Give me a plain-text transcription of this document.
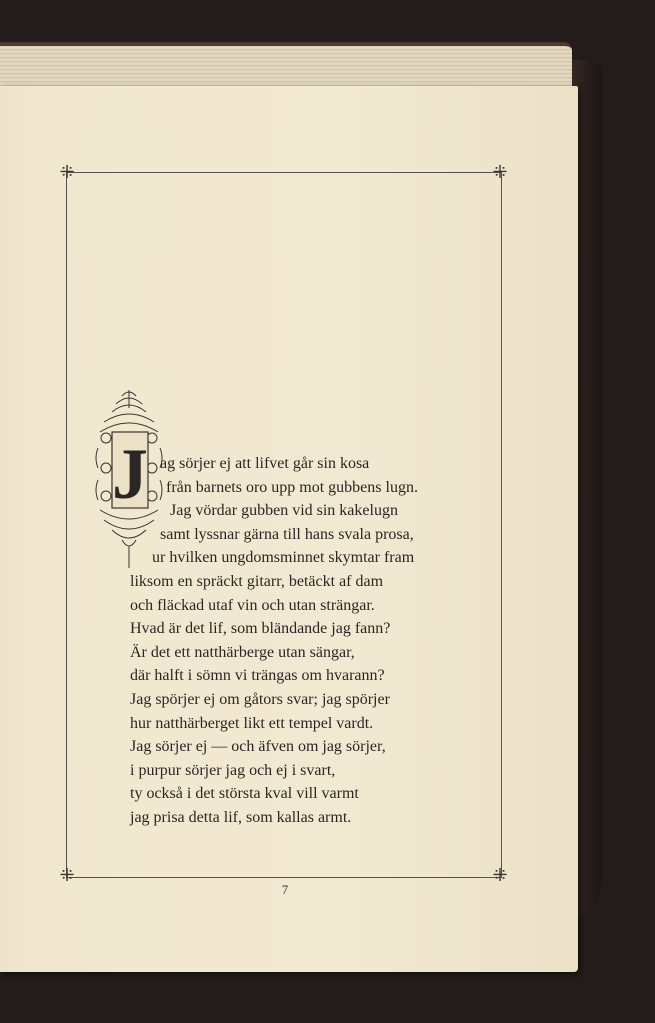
⁜	⁜
⁜	⁜
J ag sörjer ej att lifvet går sin kosa
från barnets oro upp mot gubbens lugn.
Jag vördar gubben vid sin kakelugn
samt lyssnar gärna till hans svala prosa,
ur hvilken ungdomsminnet skymtar fram
liksom en spräckt gitarr, betäckt af dam
och fläckad utaf vin och utan strängar.
Hvad är det lif, som bländande jag fann?
Är det ett natthärberge utan sängar,
där halft i sömn vi trängas om hvarann?
Jag spörjer ej om gåtors svar; jag spörjer
hur natthärberget likt ett tempel vardt.
Jag sörjer ej — och äfven om jag sörjer,
i purpur sörjer jag och ej i svart,
ty också i det största kval vill varmt
jag prisa detta lif, som kallas armt.
7
